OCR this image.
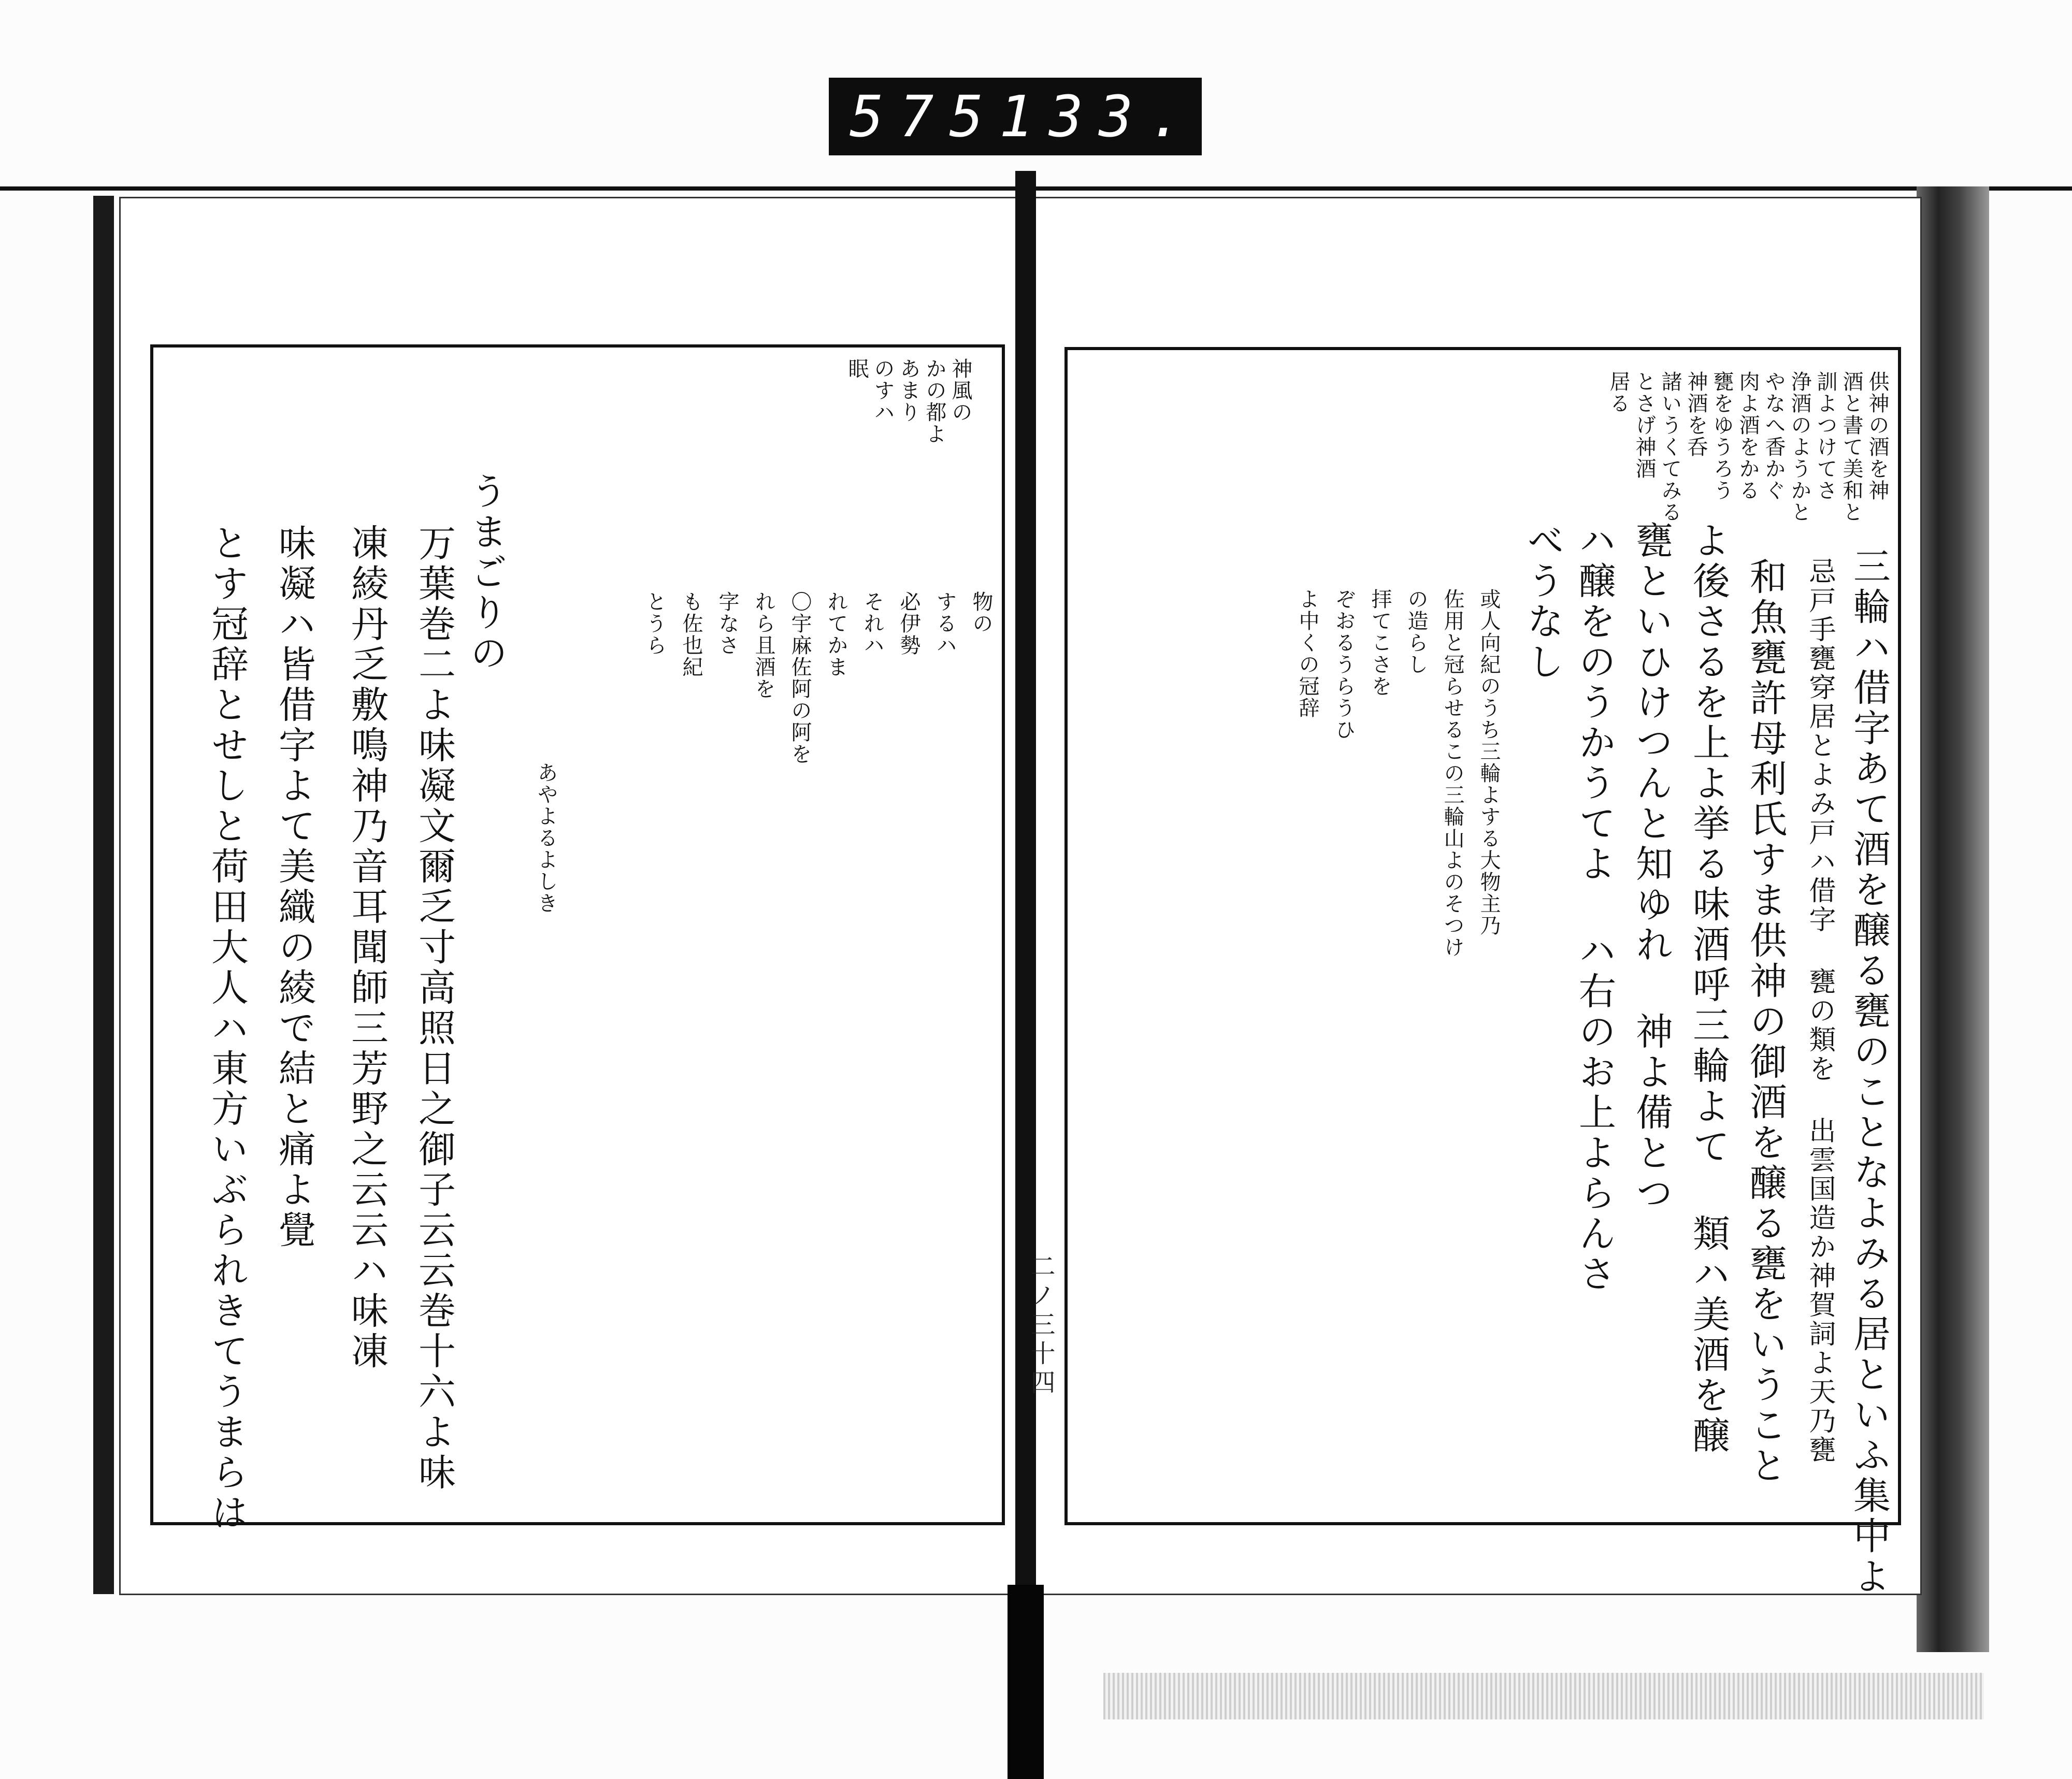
575 133.
供神の酒を神
酒と書て美和と
訓よつけてさ
浄酒のようかと
やなへ香かぐ
肉よ酒をかる
甕をゆうろう
神酒を呑
諸いうくてみる
とさげ神酒
居る
三輪ハ借字あて酒を醸る甕のことなよみる居といふ集中よ
忌戸手甕穿居とよみ戸ハ借字 甕の類を 出雲国造か神賀詞よ天乃甕
和魚甕許母利氏すま供神の御酒を醸る甕をいうこと
よ後さるを上よ挙る味酒呼三輪よて 類ハ美酒を醸
甕といひけつんと知ゆれ 神よ備とつ
ハ醸をのうかうてよ ハ右のお上よらんさ
べうなし
或人向紀のうち三輪よする大物主乃
佐用と冠らせるこの三輪山よのそつけ
の造らし
拝てこさを
ぞおるうらうひ
よ中くの冠辞
二ノ三十四
神風の
かの都よ
あまり
のすハ
眠
物の
するハ
必伊勢
それハ
れてかま
〇宇麻佐阿の阿を
れら且酒を
字なさ
も佐也紀
とうら
あやよるよしき
うまごりの
万葉巻二よ味凝文爾乏寸高照日之御子云云巻十六よ味
凍綾丹乏敷鳴神乃音耳聞師三芳野之云云ハ味凍
味凝ハ皆借字よて美織の綾で結と痛よ覺
とす冠辞とせしと荷田大人ハ東方いぶられきてうまらは
